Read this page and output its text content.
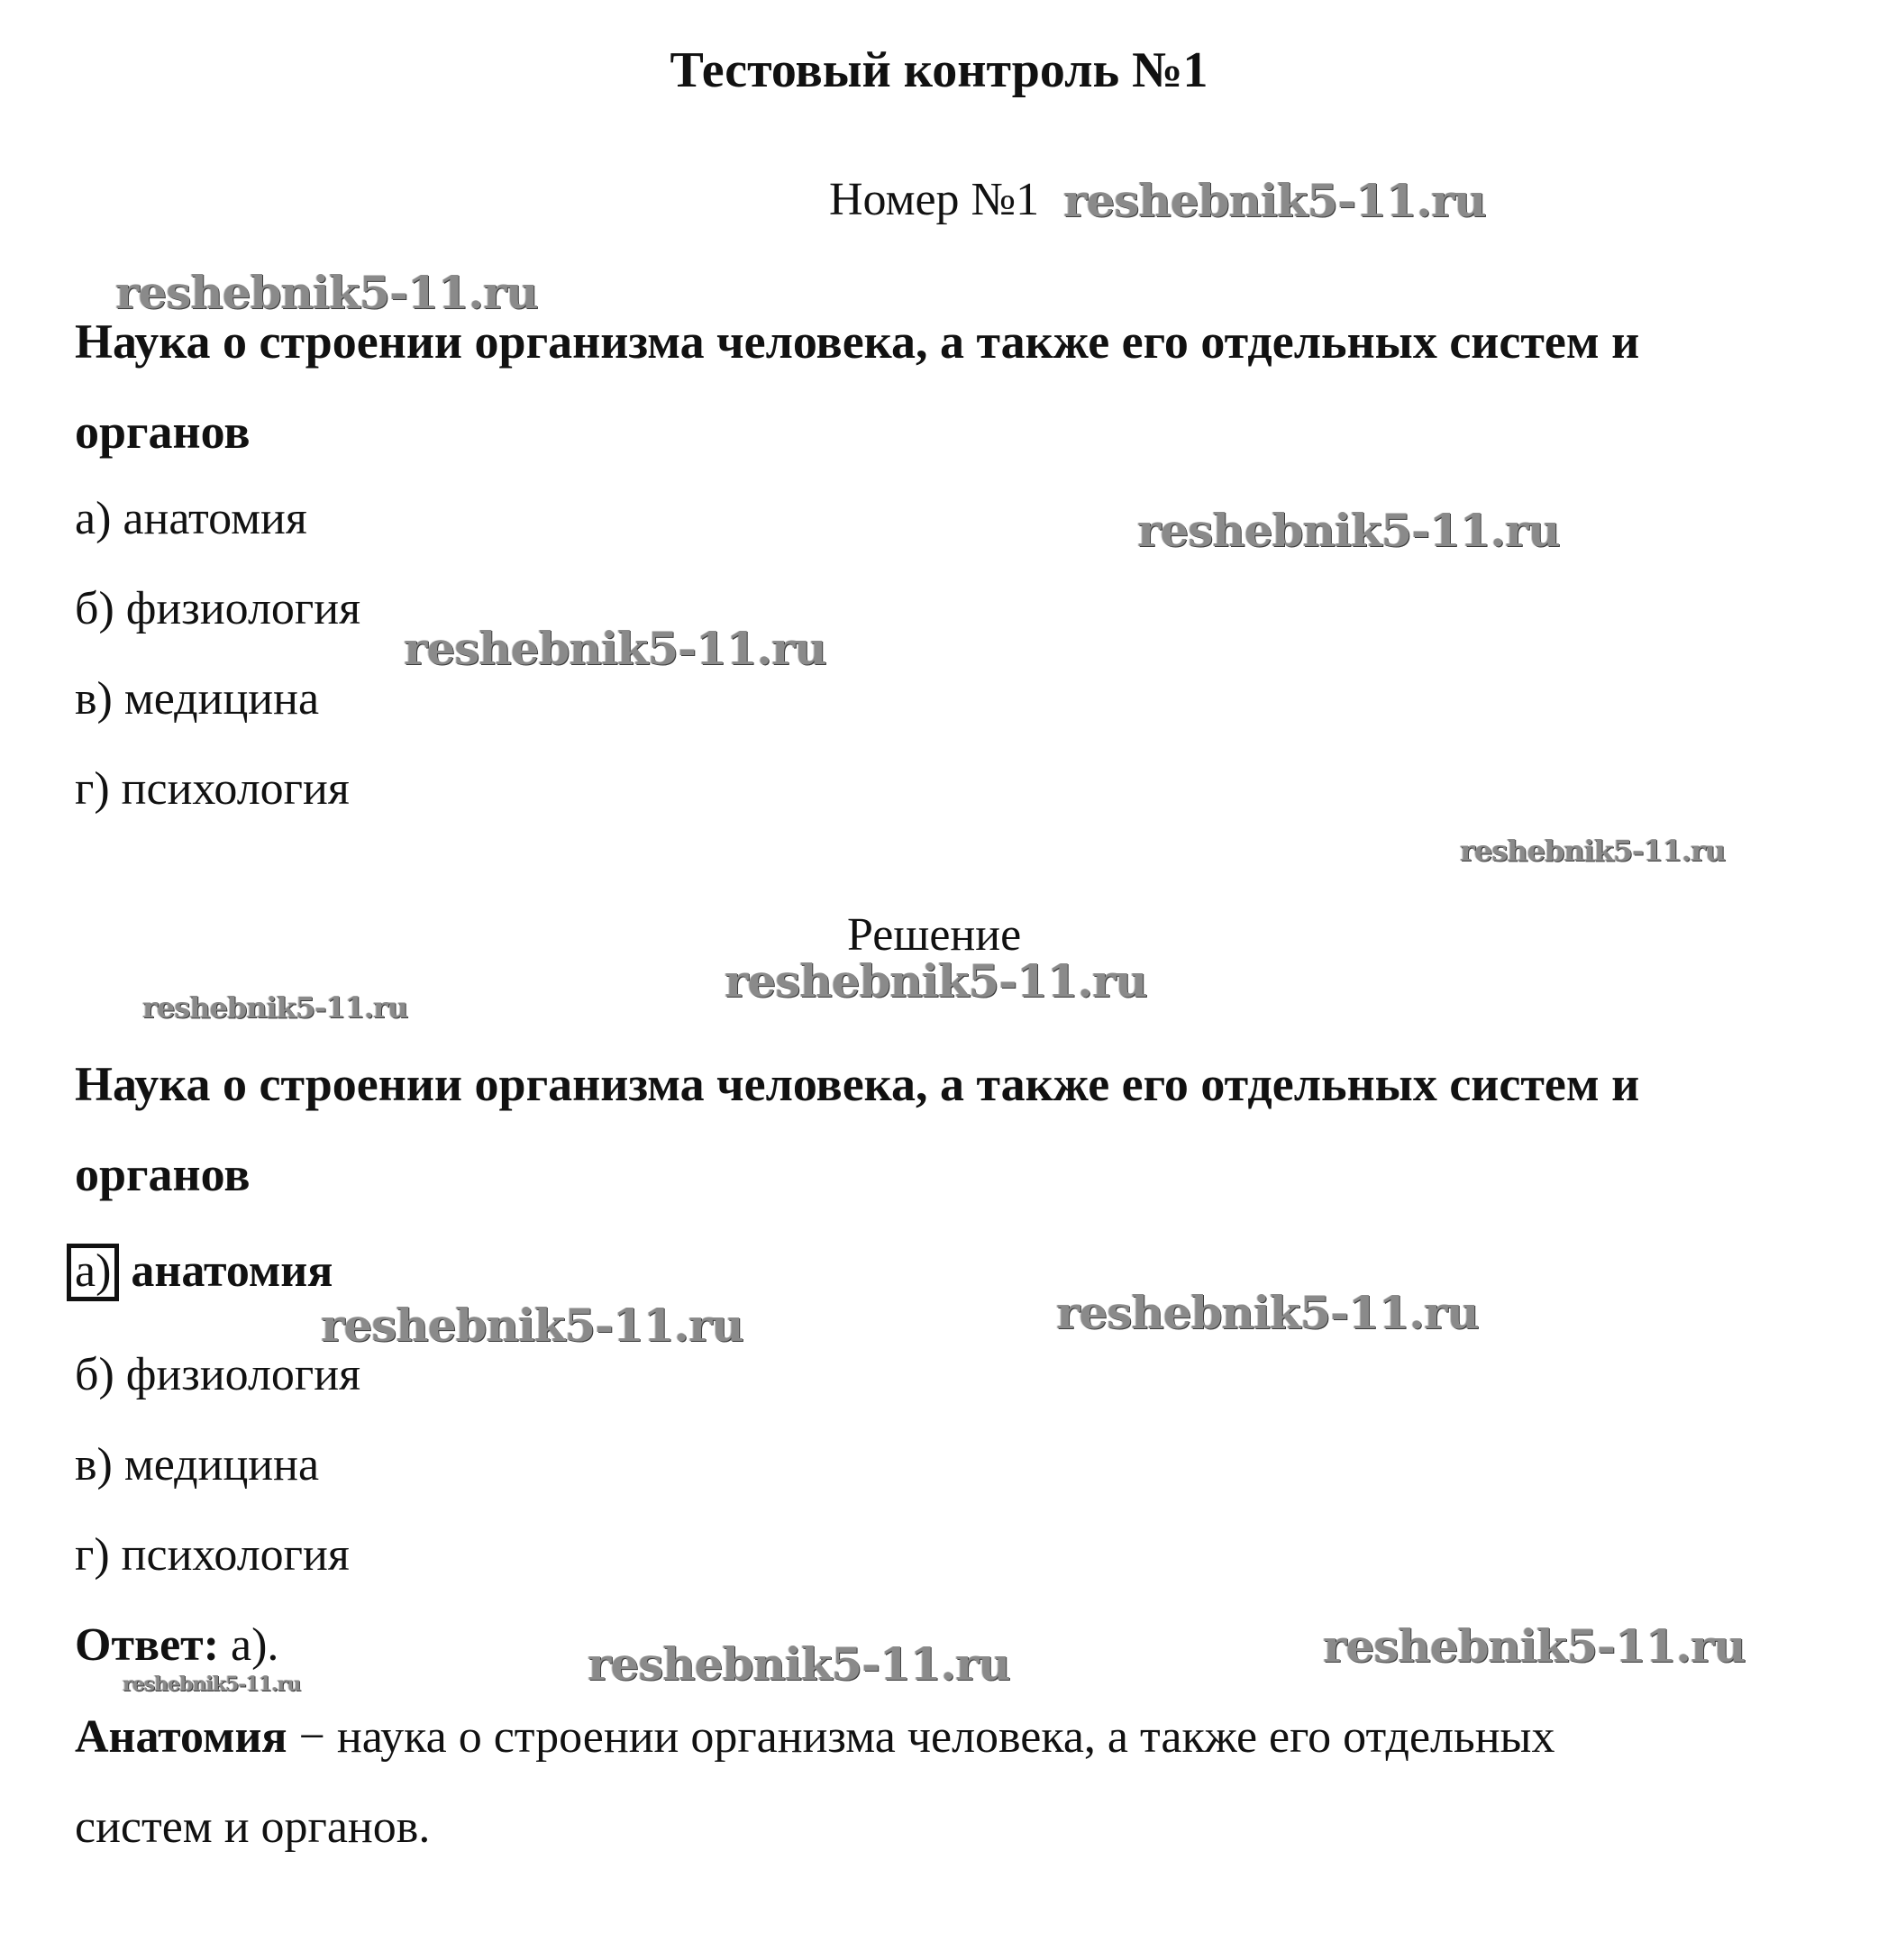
Тестовый контроль №1
Номер №1
Наука о строении организма человека, а также его отдельных систем и
органов
а) анатомия
б) физиология
в) медицина
г) психология
Решение
Наука о строении организма человека, а также его отдельных систем и
органов
а) анатомия
б) физиология
в) медицина
г) психология
Ответ: а).
Анатомия − наука о строении организма человека, а также его отдельных
систем и органов.
reshebnik5-11.ru
reshebnik5-11.ru
reshebnik5-11.ru
reshebnik5-11.ru
reshebnik5-11.ru
reshebnik5-11.ru
reshebnik5-11.ru
reshebnik5-11.ru	reshebnik5-11.ru
reshebnik5-11.ru
reshebnik5-11.ru
reshebnik5-11.ru
